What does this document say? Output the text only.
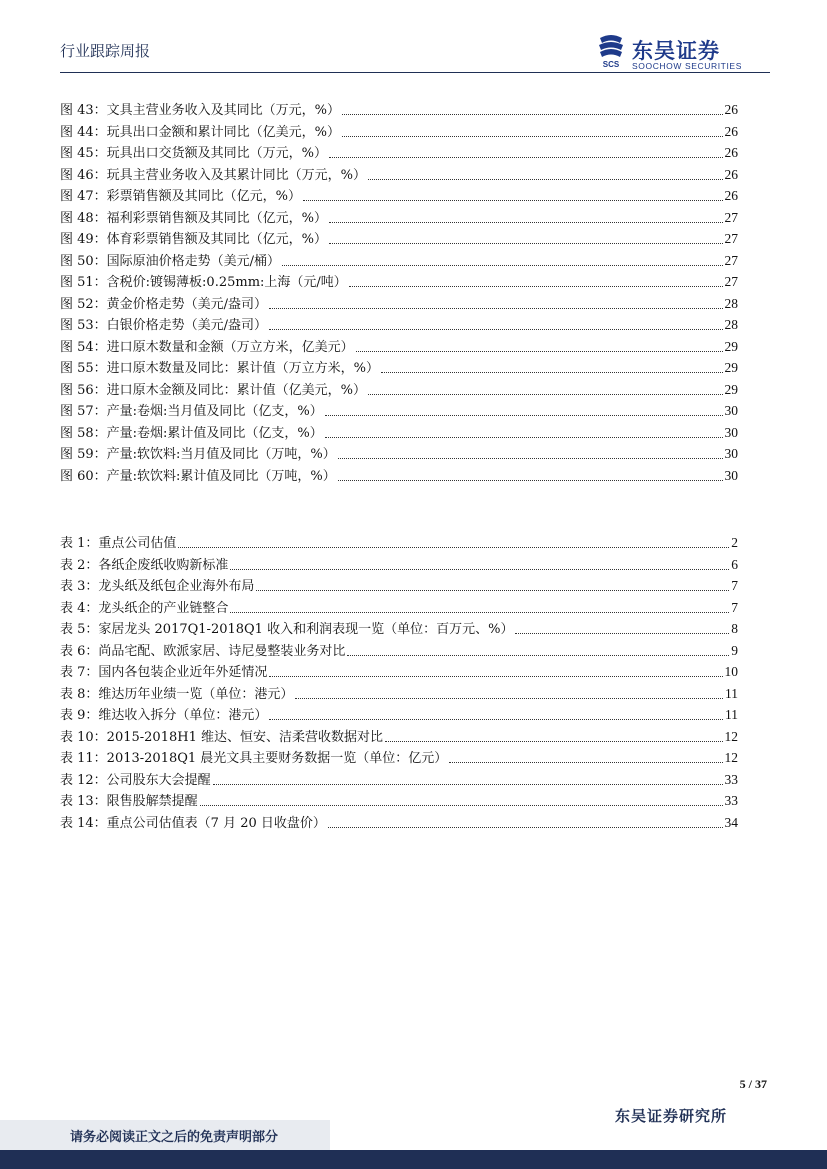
行业跟踪周报
SCS
东吴证券
SOOCHOW SECURITIES
图 43：文具主营业务收入及其同比（万元，%）	26
图 44：玩具出口金额和累计同比（亿美元，%）	26
图 45：玩具出口交货额及其同比（万元，%）	26
图 46：玩具主营业务收入及其累计同比（万元，%）	26
图 47：彩票销售额及其同比（亿元，%）	26
图 48：福利彩票销售额及其同比（亿元，%）	27
图 49：体育彩票销售额及其同比（亿元，%）	27
图 50：国际原油价格走势（美元/桶）	27
图 51：含税价:镀锡薄板:0.25mm:上海（元/吨）	27
图 52：黄金价格走势（美元/盎司）	28
图 53：白银价格走势（美元/盎司）	28
图 54：进口原木数量和金额（万立方米，亿美元）	29
图 55：进口原木数量及同比：累计值（万立方米，%）	29
图 56：进口原木金额及同比：累计值（亿美元，%）	29
图 57：产量:卷烟:当月值及同比（亿支，%）	30
图 58：产量:卷烟:累计值及同比（亿支，%）	30
图 59：产量:软饮料:当月值及同比（万吨，%）	30
图 60：产量:软饮料:累计值及同比（万吨，%）	30
表 1：重点公司估值	2
表 2：各纸企废纸收购新标准	6
表 3：龙头纸及纸包企业海外布局	7
表 4：龙头纸企的产业链整合	7
表 5：家居龙头 2017Q1-2018Q1 收入和利润表现一览（单位：百万元、%）	8
表 6：尚品宅配、欧派家居、诗尼曼整装业务对比	9
表 7：国内各包装企业近年外延情况	10
表 8：维达历年业绩一览（单位：港元）	11
表 9：维达收入拆分（单位：港元）	11
表 10：2015-2018H1 维达、恒安、洁柔营收数据对比	12
表 11：2013-2018Q1 晨光文具主要财务数据一览（单位：亿元）	12
表 12：公司股东大会提醒	33
表 13：限售股解禁提醒	33
表 14：重点公司估值表（7 月 20 日收盘价）	34
5 / 37
东吴证券研究所
请务必阅读正文之后的免责声明部分
